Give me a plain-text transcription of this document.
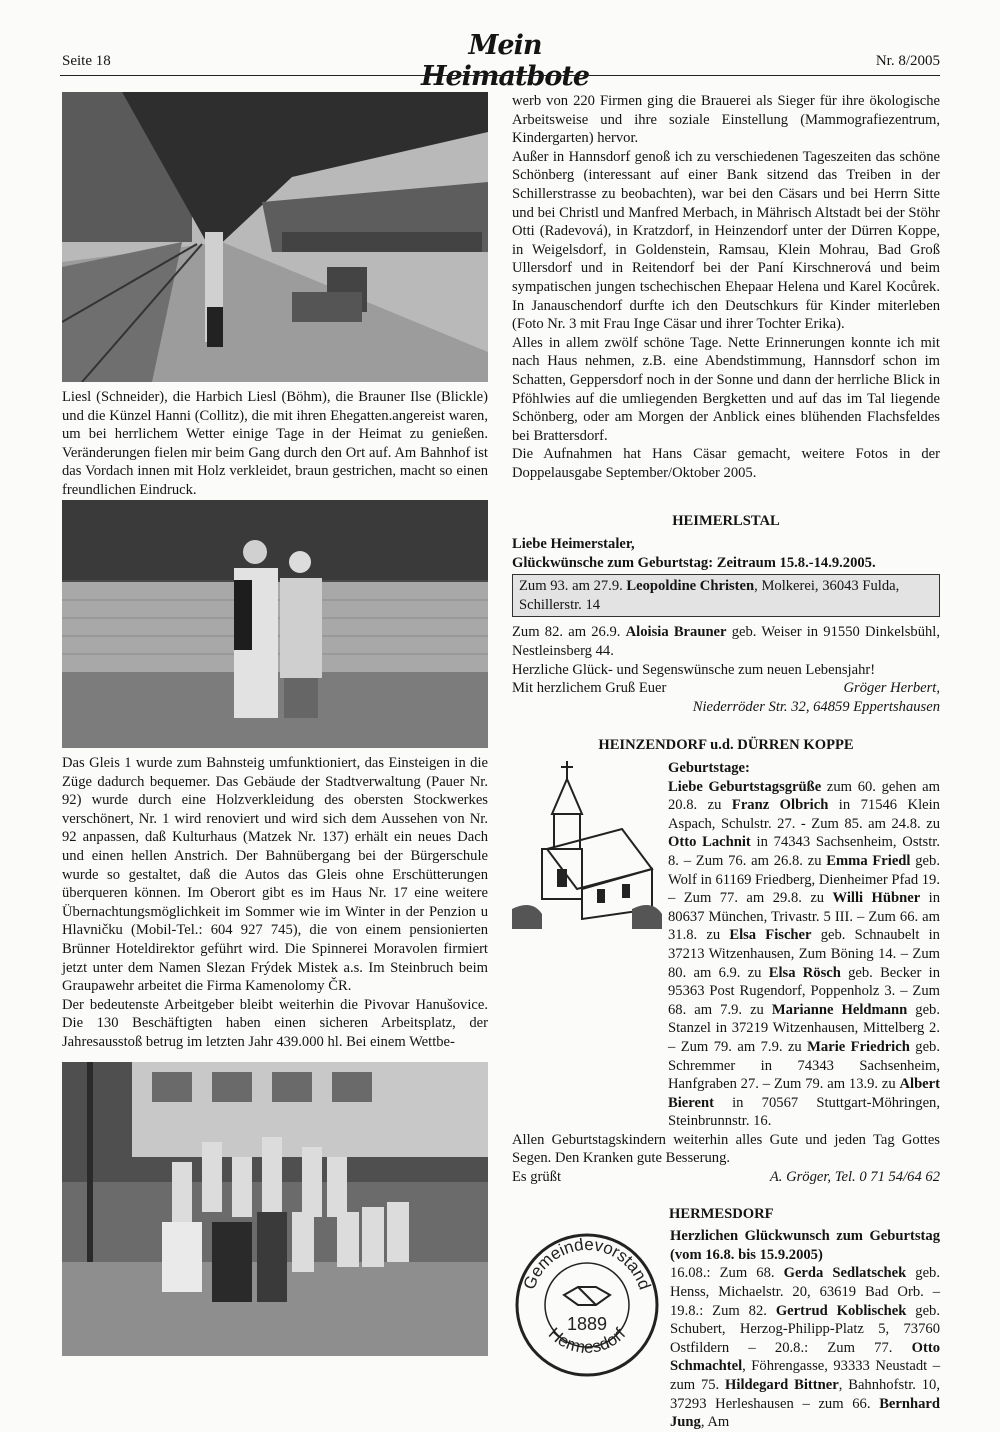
Seite 18	Mein Heimatbote	Nr. 8/2005

Liesl (Schneider), die Harbich Liesl (Böhm), die Brauner Ilse (Blickle) und die Künzel Hanni (Collitz), die mit ihren Ehegatten.angereist waren, um bei herrlichem Wetter einige Tage in der Heimat zu genießen. Veränderungen fielen mir beim Gang durch den Ort auf. Am Bahnhof ist das Vordach innen mit Holz verkleidet, braun gestrichen, macht so einen freundlichen Eindruck.

Das Gleis 1 wurde zum Bahnsteig umfunktioniert, das Einsteigen in die Züge dadurch bequemer. Das Gebäude der Stadtverwaltung (Pauer Nr. 92) wurde durch eine Holzverkleidung des obersten Stockwerkes verschönert, Nr. 1 wird renoviert und wird sich dem Aussehen von Nr. 92 anpassen, daß Kulturhaus (Matzek Nr. 137) erhält ein neues Dach und einen hellen Anstrich. Der Bahnübergang bei der Bürgerschule wurde so gestaltet, daß die Autos das Gleis ohne Erschütterungen überqueren können. Im Oberort gibt es im Haus Nr. 17 eine weitere Übernachtungsmöglichkeit im Sommer wie im Winter in der Penzion u Hlavničku (Mobil-Tel.: 604 927 745), die von einem pensionierten Brünner Hoteldirektor geführt wird. Die Spinnerei Moravolen firmiert jetzt unter dem Namen Slezan Frýdek Mistek a.s. Im Steinbruch beim Graupawehr arbeitet die Firma Kamenolomy ČR.

Der bedeutenste Arbeitgeber bleibt weiterhin die Pivovar Hanušovice. Die 130 Beschäftigten haben einen sicheren Arbeitsplatz, der Jahresausstoß betrug im letzten Jahr 439.000 hl. Bei einem Wettbe-

werb von 220 Firmen ging die Brauerei als Sieger für ihre ökologische Arbeitsweise und ihre soziale Einstellung (Mammografiezentrum, Kindergarten) hervor.

Außer in Hannsdorf genoß ich zu verschiedenen Tageszeiten das schöne Schönberg (interessant auf einer Bank sitzend das Treiben in der Schillerstrasse zu beobachten), war bei den Cäsars und bei Herrn Sitte und bei Christl und Manfred Merbach, in Mährisch Altstadt bei der Stöhr Otti (Radevová), in Kratzdorf, in Heinzendorf unter der Dürren Koppe, in Weigelsdorf, in Goldenstein, Ramsau, Klein Mohrau, Bad Groß Ullersdorf und in Reitendorf bei der Paní Kirschnerová und beim sympatischen jungen tschechischen Ehepaar Helena und Karel Kocůrek. In Janauschendorf durfte ich den Deutschkurs für Kinder miterleben (Foto Nr. 3 mit Frau Inge Cäsar und ihrer Tochter Erika).

Alles in allem zwölf schöne Tage. Nette Erinnerungen konnte ich mit nach Haus nehmen, z.B. eine Abendstimmung, Hannsdorf schon im Schatten, Geppersdorf noch in der Sonne und dann der herrliche Blick in Pföhlwies auf die umliegenden Bergketten und auf das im Tal liegende Schönberg, oder am Morgen der Anblick eines blühenden Flachsfeldes bei Brattersdorf.

Die Aufnahmen hat Hans Cäsar gemacht, weitere Fotos in der Doppelausgabe September/Oktober 2005.

HEIMERLSTAL

Liebe Heimerstaler,

Glückwünsche zum Geburtstag: Zeitraum 15.8.-14.9.2005.

Zum 93. am 27.9. Leopoldine Christen, Molkerei, 36043 Fulda, Schillerstr. 14

Zum 82. am 26.9. Aloisia Brauner geb. Weiser in 91550 Dinkelsbühl, Nestleinsberg 44.

Herzliche Glück- und Segenswünsche zum neuen Lebensjahr!

Mit herzlichem Gruß Euer	Gröger Herbert,
Niederröder Str. 32, 64859 Eppertshausen
HEINZENDORF u.d. DÜRREN KOPPE

Geburtstage:

Liebe Geburtstagsgrüße zum 60. gehen am 20.8. zu Franz Olbrich in 71546 Klein Aspach, Schulstr. 27. - Zum 85. am 24.8. zu Otto Lachnit in 74343 Sachsenheim, Oststr. 8. – Zum 76. am 26.8. zu Emma Friedl geb. Wolf in 61169 Friedberg, Dienheimer Pfad 19. – Zum 77. am 29.8. zu Willi Hübner in 80637 München, Trivastr. 5 III. – Zum 66. am 31.8. zu Elsa Fischer geb. Schnaubelt in 37213 Witzenhausen, Zum Böning 14. – Zum 80. am 6.9. zu Elsa Rösch geb. Becker in 95363 Post Rugendorf, Poppenholz 3. – Zum 68. am 7.9. zu Marianne Heldmann geb. Stanzel in 37219 Witzenhausen, Mittelberg 2. – Zum 79. am 7.9. zu Marie Friedrich geb. Schremmer in 74343 Sachsenheim, Hanfgraben 27. – Zum 79. am 13.9. zu Albert Bierent in 70567 Stuttgart-Möhringen, Steinbrunnstr. 16.

Allen Geburtstagskindern weiterhin alles Gute und jeden Tag Gottes Segen. Den Kranken gute Besserung.

Es grüßt	A. Gröger, Tel. 0 71 54/64 62
HERMESDORF
Gemeindevorstand
Hermesdorf
1889

Herzlichen Glückwunsch zum Geburtstag (vom 16.8. bis 15.9.2005)

16.08.: Zum 68. Gerda Sedlatschek geb. Henss, Michaelstr. 20, 63619 Bad Orb. – 19.8.: Zum 82. Gertrud Koblischek geb. Schubert, Herzog-Philipp-Platz 5, 73760 Ostfildern – 20.8.: Zum 77. Otto Schmachtel, Föhrengasse, 93333 Neustadt – zum 75. Hildegard Bittner, Bahnhofstr. 10, 37293 Herleshausen – zum 66. Bernhard Jung, Am
